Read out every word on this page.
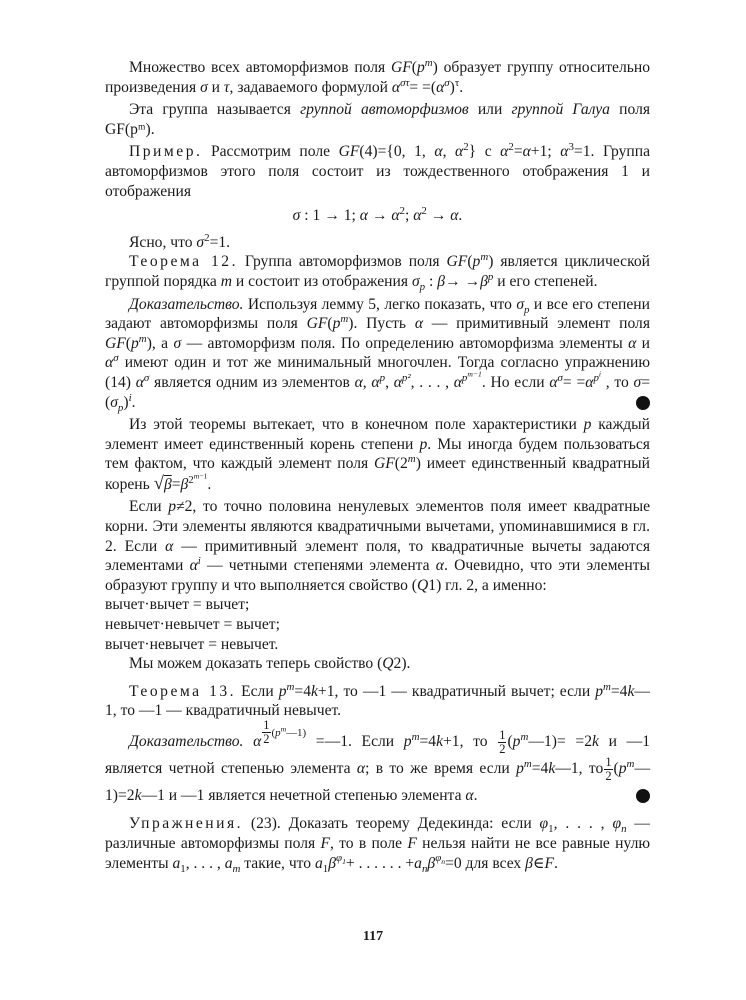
Множество всех автоморфизмов поля $GF(p^m)$ образует группу относительно произведения σ и τ, задаваемого формулой $\alpha^{\sigma\tau}= =(\alpha^\sigma)^\tau$.

Эта группа называется группой автоморфизмов или группой Галуа поля GF(pᵐ).

Пример. Рассмотрим поле GF(4)={0, 1, α, $\alpha^2$} с $\alpha^2=\alpha+1$; $\alpha^3=1$. Группа автоморфизмов этого поля состоит из тождественного отображения 1 и отображения

σ : 1 → 1; $\alpha \to \alpha^2$; $\alpha^2 \to \alpha$.

Ясно, что $\sigma^2=1$.

Теорема 12. Группа автоморфизмов поля $GF(p^m)$ является циклической группой порядка m и состоит из отображения $\sigma_p$ : $\beta\to \to\beta^p$ и его степеней.

Доказательство. Используя лемму 5, легко показать, что $\sigma_p$ и все его степени задают автоморфизмы поля $GF(p^m)$. Пусть α — примитивный элемент поля $GF(p^m)$, а σ — автоморфизм поля. По определению автоморфизма элементы α и $\alpha^\sigma$ имеют один и тот же минимальный многочлен. Тогда согласно упражнению (14) $\alpha^\sigma$ является одним из элементов α, $\alpha^p$, $\alpha^{p^2}$, . . . , $\alpha^{p^{m-1}}$. Но если $\alpha^\sigma= =\alpha^{p^i}$ , то $\sigma=(\sigma_p)^i$.

Из этой теоремы вытекает, что в конечном поле характеристики p каждый элемент имеет единственный корень степени p. Мы иногда будем пользоваться тем фактом, что каждый элемент поля GF(2$^m$) имеет единственный квадратный корень $√\beta=\beta^{2^{m-1}}$.

Если p≠2, то точно половина ненулевых элементов поля имеет квадратные корни. Эти элементы являются квадратичными вычетами, упоминавшимися в гл. 2. Если α — примитивный элемент поля, то квадратичные вычеты задаются элементами $\alpha^i$ — четными степенями элемента α. Очевидно, что эти элементы образуют группу и что выполняется свойство (Q1) гл. 2, а именно:

вычет·вычет = вычет;

невычет·невычет = вычет;

вычет·невычет = невычет.

Мы можем доказать теперь свойство (Q2).

Теорема 13. Если $p^m=4k+1$, то —1 — квадратичный вычет; если $p^m=4k—1$, то —1 — квадратичный невычет.

Доказательство. α $\frac{1}{2} ^{(p^m—1)}$ =—1. Если $p^m=4k+1$, то $\frac{1}{2}$ $(p^m—1)= =2k$ и —1 является четной степенью элемента α; в то же время если $p^m=4k—1$, то $\frac{1}{2}$ $(p^m—1)=2k—1$ и —1 является нечетной степенью элемента α.

Упражнения. (23). Доказать теорему Дедекинда: если $\varphi_1$, . . . , $\varphi_n$ — различные автоморфизмы поля F, то в поле F нельзя найти не все равные нулю элементы $a_1$, . . . , $a_m$ такие, что $a_1\beta^{\varphi_1}+$ . . . . . . $+a_n\beta^{\varphi_n}=0$ для всех β∈F.

117
